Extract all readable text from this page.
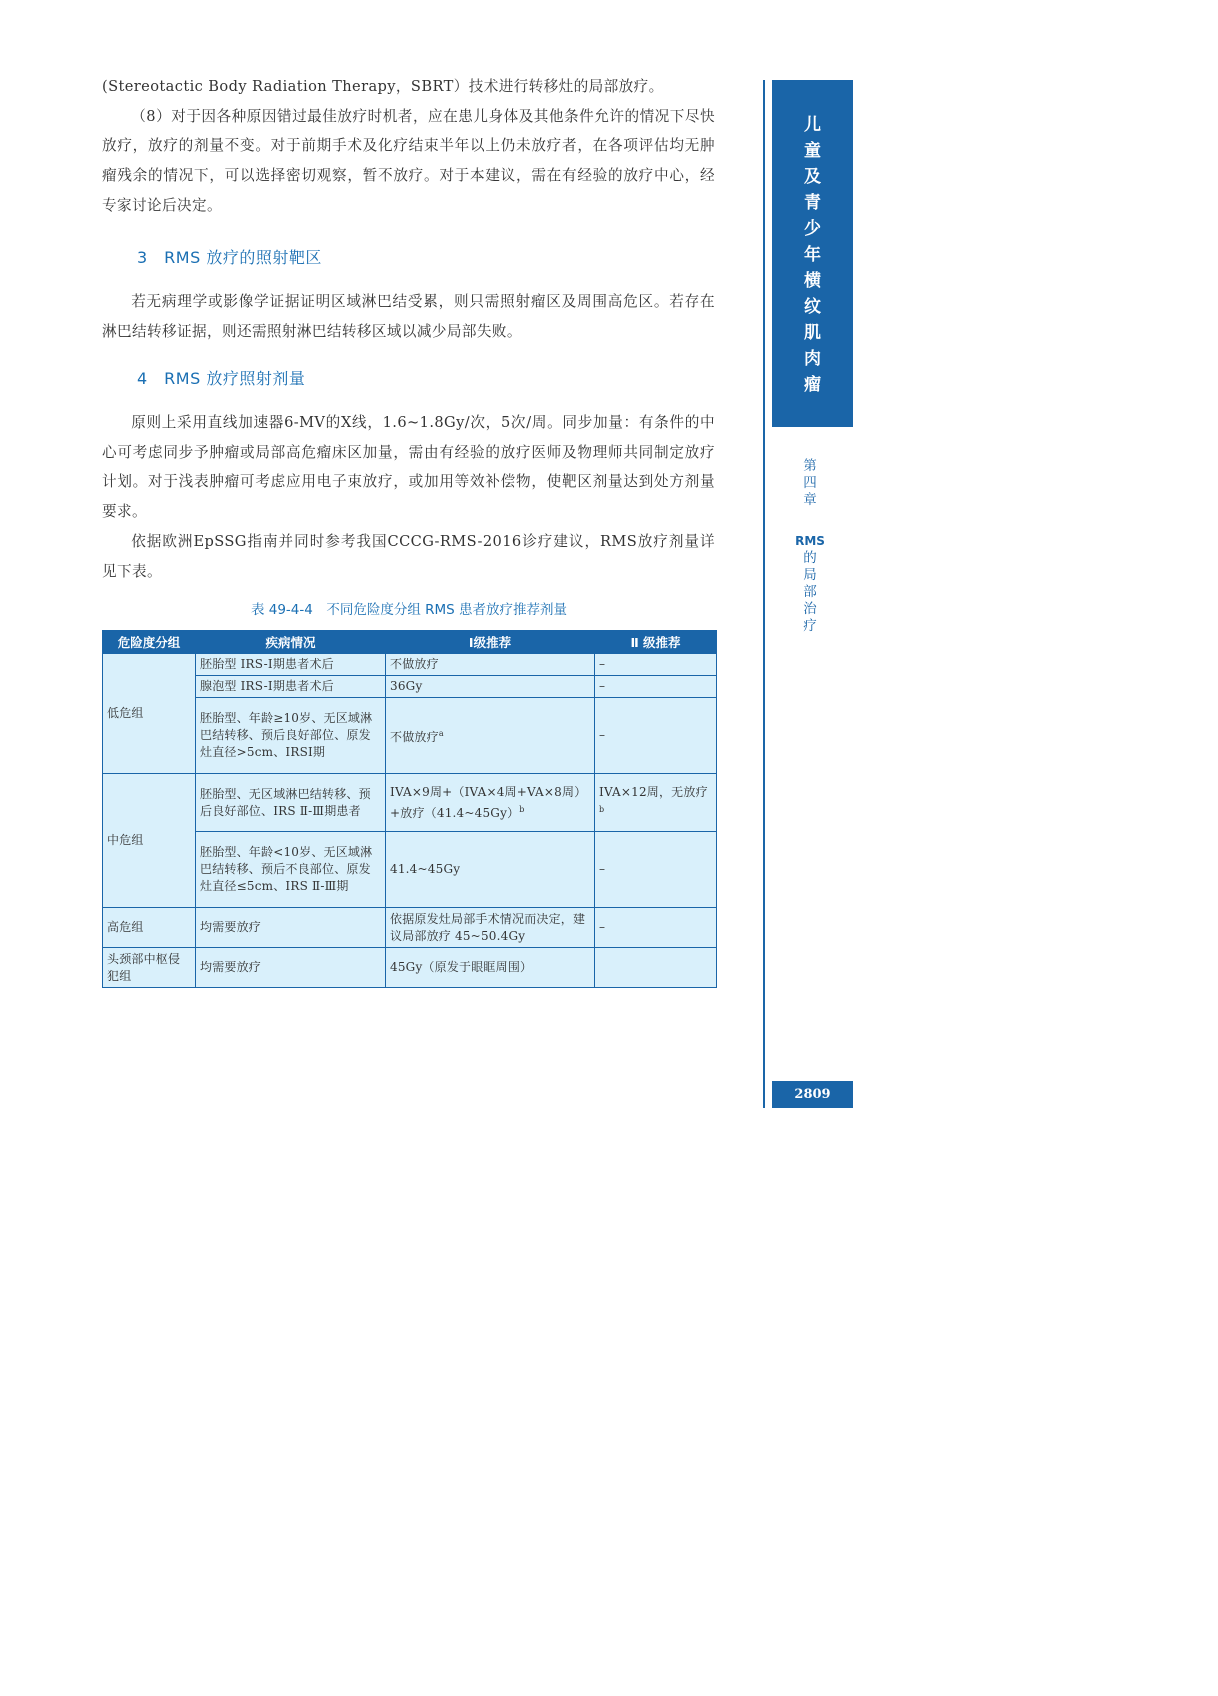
(Stereotactic Body Radiation Therapy，SBRT）技术进行转移灶的局部放疗。

（8）对于因各种原因错过最佳放疗时机者，应在患儿身体及其他条件允许的情况下尽快放疗，放疗的剂量不变。对于前期手术及化疗结束半年以上仍未放疗者，在各项评估均无肿瘤残余的情况下，可以选择密切观察，暂不放疗。对于本建议，需在有经验的放疗中心，经专家讨论后决定。

3　RMS 放疗的照射靶区

若无病理学或影像学证据证明区域淋巴结受累，则只需照射瘤区及周围高危区。若存在淋巴结转移证据，则还需照射淋巴结转移区域以减少局部失败。

4　RMS 放疗照射剂量

原则上采用直线加速器6-MV的X线，1.6~1.8Gy/次，5次/周。同步加量：有条件的中心可考虑同步予肿瘤或局部高危瘤床区加量，需由有经验的放疗医师及物理师共同制定放疗计划。对于浅表肿瘤可考虑应用电子束放疗，或加用等效补偿物，使靶区剂量达到处方剂量要求。

依据欧洲EpSSG指南并同时参考我国CCCG-RMS-2016诊疗建议，RMS放疗剂量详见下表。

表 49-4-4　不同危险度分组 RMS 患者放疗推荐剂量
危险度分组	疾病情况	Ⅰ级推荐	Ⅱ 级推荐
低危组	胚胎型 IRS-Ⅰ期患者术后	不做放疗	–
	腺泡型 IRS-Ⅰ期患者术后	36Gy	–
	胚胎型、年龄≥10岁、无区域淋巴结转移、预后良好部位、原发灶直径>5cm、IRSⅠ期	不做放疗$^a$	–
中危组	胚胎型、无区域淋巴结转移、预后良好部位、IRS Ⅱ-Ⅲ期患者	IVA×9周+（IVA×4周+VA×8周）+放疗（41.4~45Gy）$^b$	IVA×12周，无放疗$^b$
	胚胎型、年龄<10岁、无区域淋巴结转移、预后不良部位、原发灶直径≤5cm、IRS Ⅱ-Ⅲ期	41.4~45Gy	–
高危组	均需要放疗	依据原发灶局部手术情况而决定，建议局部放疗 45~50.4Gy	–
头颈部中枢侵犯组	均需要放疗	45Gy（原发于眼眶周围）	
儿
童
及
青
少
年
横
纹
肌
肉
瘤
第
四
章
RMS
的
局
部
治
疗
2809
